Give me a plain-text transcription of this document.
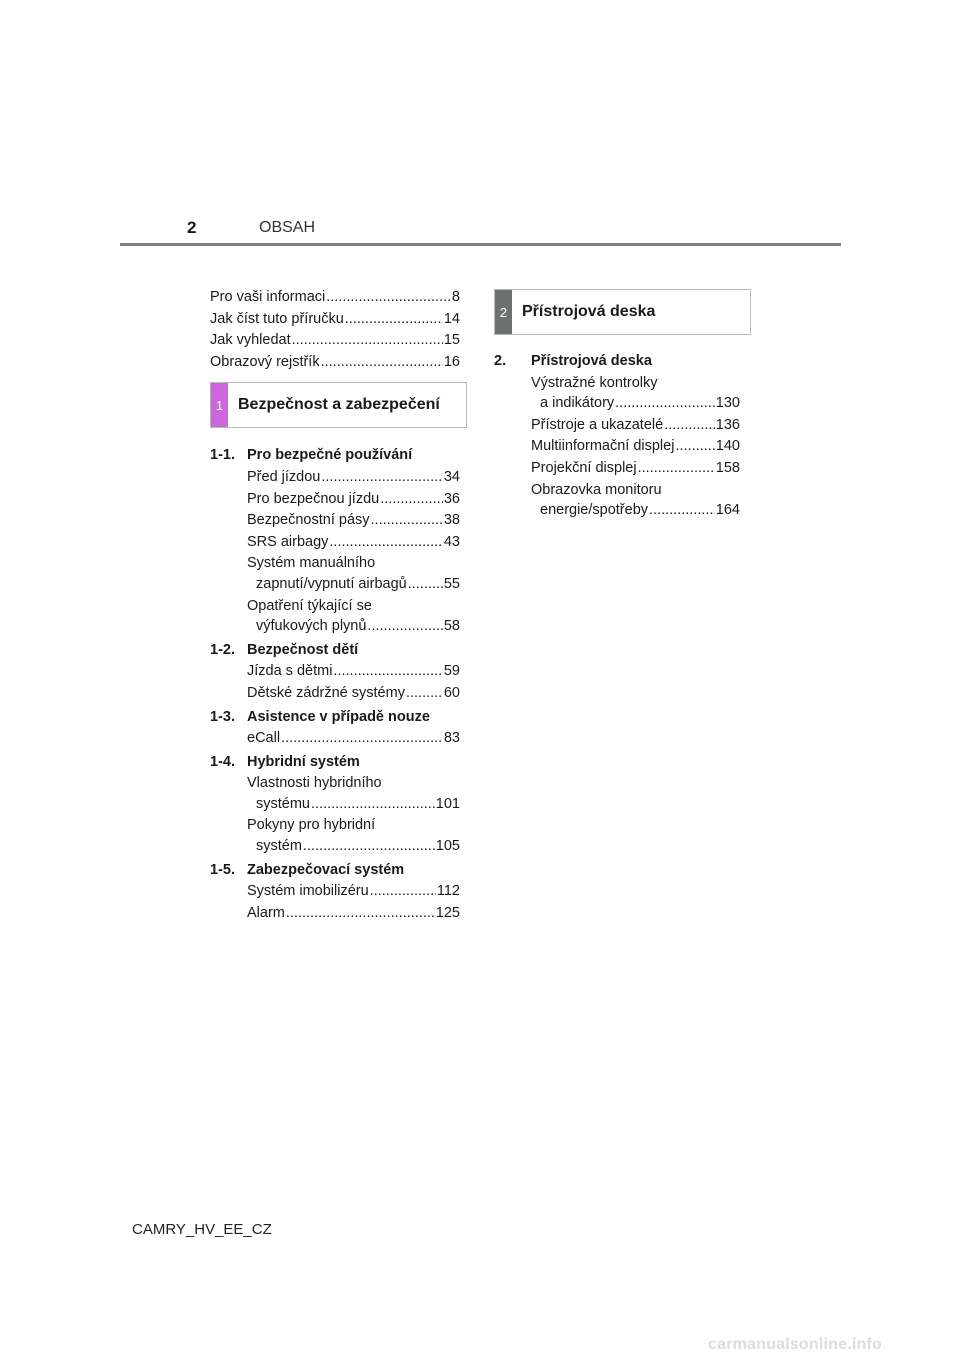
2	OBSAH
Pro vaši informaci .....	8
Jak číst tuto příručku .....	14
Jak vyhledat .....	15
Obrazový rejstřík .....	16
1 Bezpečnost a zabezpečení
1-1. Pro bezpečné používání
Před jízdou .....	34
Pro bezpečnou jízdu .....	36
Bezpečnostní pásy .....	38
SRS airbagy .....	43
Systém manuálního
zapnutí/vypnutí airbagů .....	55
Opatření týkající se
výfukových plynů .....	58
1-2. Bezpečnost dětí
Jízda s dětmi .....	59
Dětské zádržné systémy .....	60
1-3. Asistence v případě nouze
eCall .....	83
1-4. Hybridní systém
Vlastnosti hybridního
systému .....	101
Pokyny pro hybridní
systém .....	105
1-5. Zabezpečovací systém
Systém imobilizéru .....	112
Alarm .....	125
2 Přístrojová deska
2.	Přístrojová deska
Výstražné kontrolky
a indikátory .....	130
Přístroje a ukazatelé .....	136
Multiinformační displej .....	140
Projekční displej .....	158
Obrazovka monitoru
energie/spotřeby .....	164
CAMRY_HV_EE_CZ
carmanualsonline.info
